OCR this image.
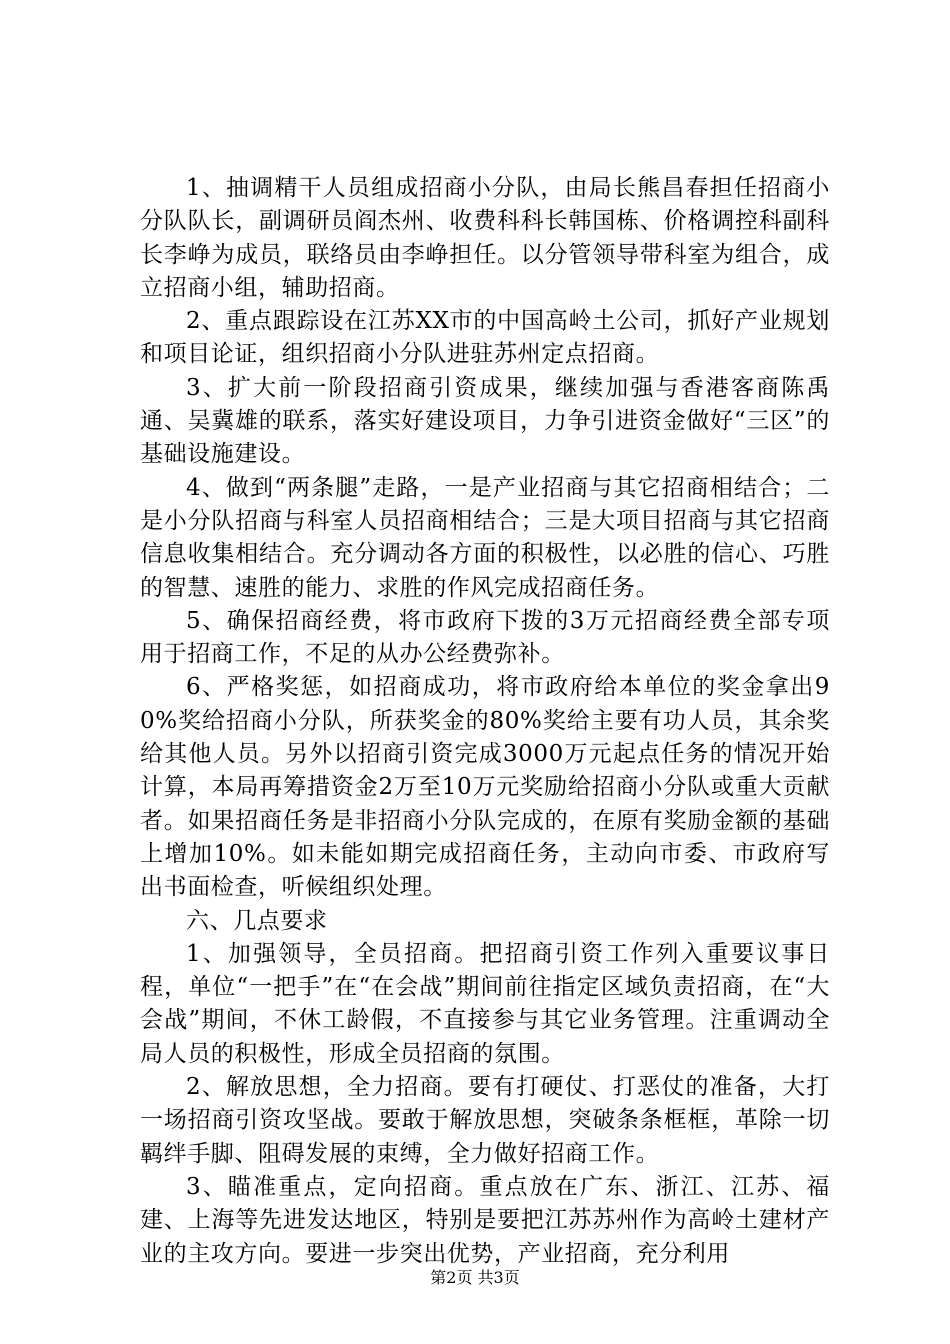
1、抽调精干人员组成招商小分队，由局长熊昌春担任招商小分队队长，副调研员阎杰州、收费科科长韩国栋、价格调控科副科长李峥为成员，联络员由李峥担任。以分管领导带科室为组合，成立招商小组，辅助招商。

2、重点跟踪设在江苏XX市的中国高岭土公司，抓好产业规划和项目论证，组织招商小分队进驻苏州定点招商。

3、扩大前一阶段招商引资成果，继续加强与香港客商陈禹通、吴冀雄的联系，落实好建设项目，力争引进资金做好“三区”的基础设施建设。

4、做到“两条腿”走路，一是产业招商与其它招商相结合；二是小分队招商与科室人员招商相结合；三是大项目招商与其它招商信息收集相结合。充分调动各方面的积极性，以必胜的信心、巧胜的智慧、速胜的能力、求胜的作风完成招商任务。

5、确保招商经费，将市政府下拨的3万元招商经费全部专项用于招商工作，不足的从办公经费弥补。

6、严格奖惩，如招商成功，将市政府给本单位的奖金拿出90%奖给招商小分队，所获奖金的80%奖给主要有功人员，其余奖给其他人员。另外以招商引资完成3000万元起点任务的情况开始计算，本局再筹措资金2万至10万元奖励给招商小分队或重大贡献者。如果招商任务是非招商小分队完成的，在原有奖励金额的基础上增加10%。如未能如期完成招商任务，主动向市委、市政府写出书面检查，听候组织处理。

六、几点要求

1、加强领导，全员招商。把招商引资工作列入重要议事日程，单位“一把手”在“在会战”期间前往指定区域负责招商，在“大会战”期间，不休工龄假，不直接参与其它业务管理。注重调动全局人员的积极性，形成全员招商的氛围。

2、解放思想，全力招商。要有打硬仗、打恶仗的准备，大打一场招商引资攻坚战。要敢于解放思想，突破条条框框，革除一切羁绊手脚、阻碍发展的束缚，全力做好招商工作。

3、瞄准重点，定向招商。重点放在广东、浙江、江苏、福建、上海等先进发达地区，特别是要把江苏苏州作为高岭土建材产业的主攻方向。要进一步突出优势，产业招商，充分利用

第2页 共3页
